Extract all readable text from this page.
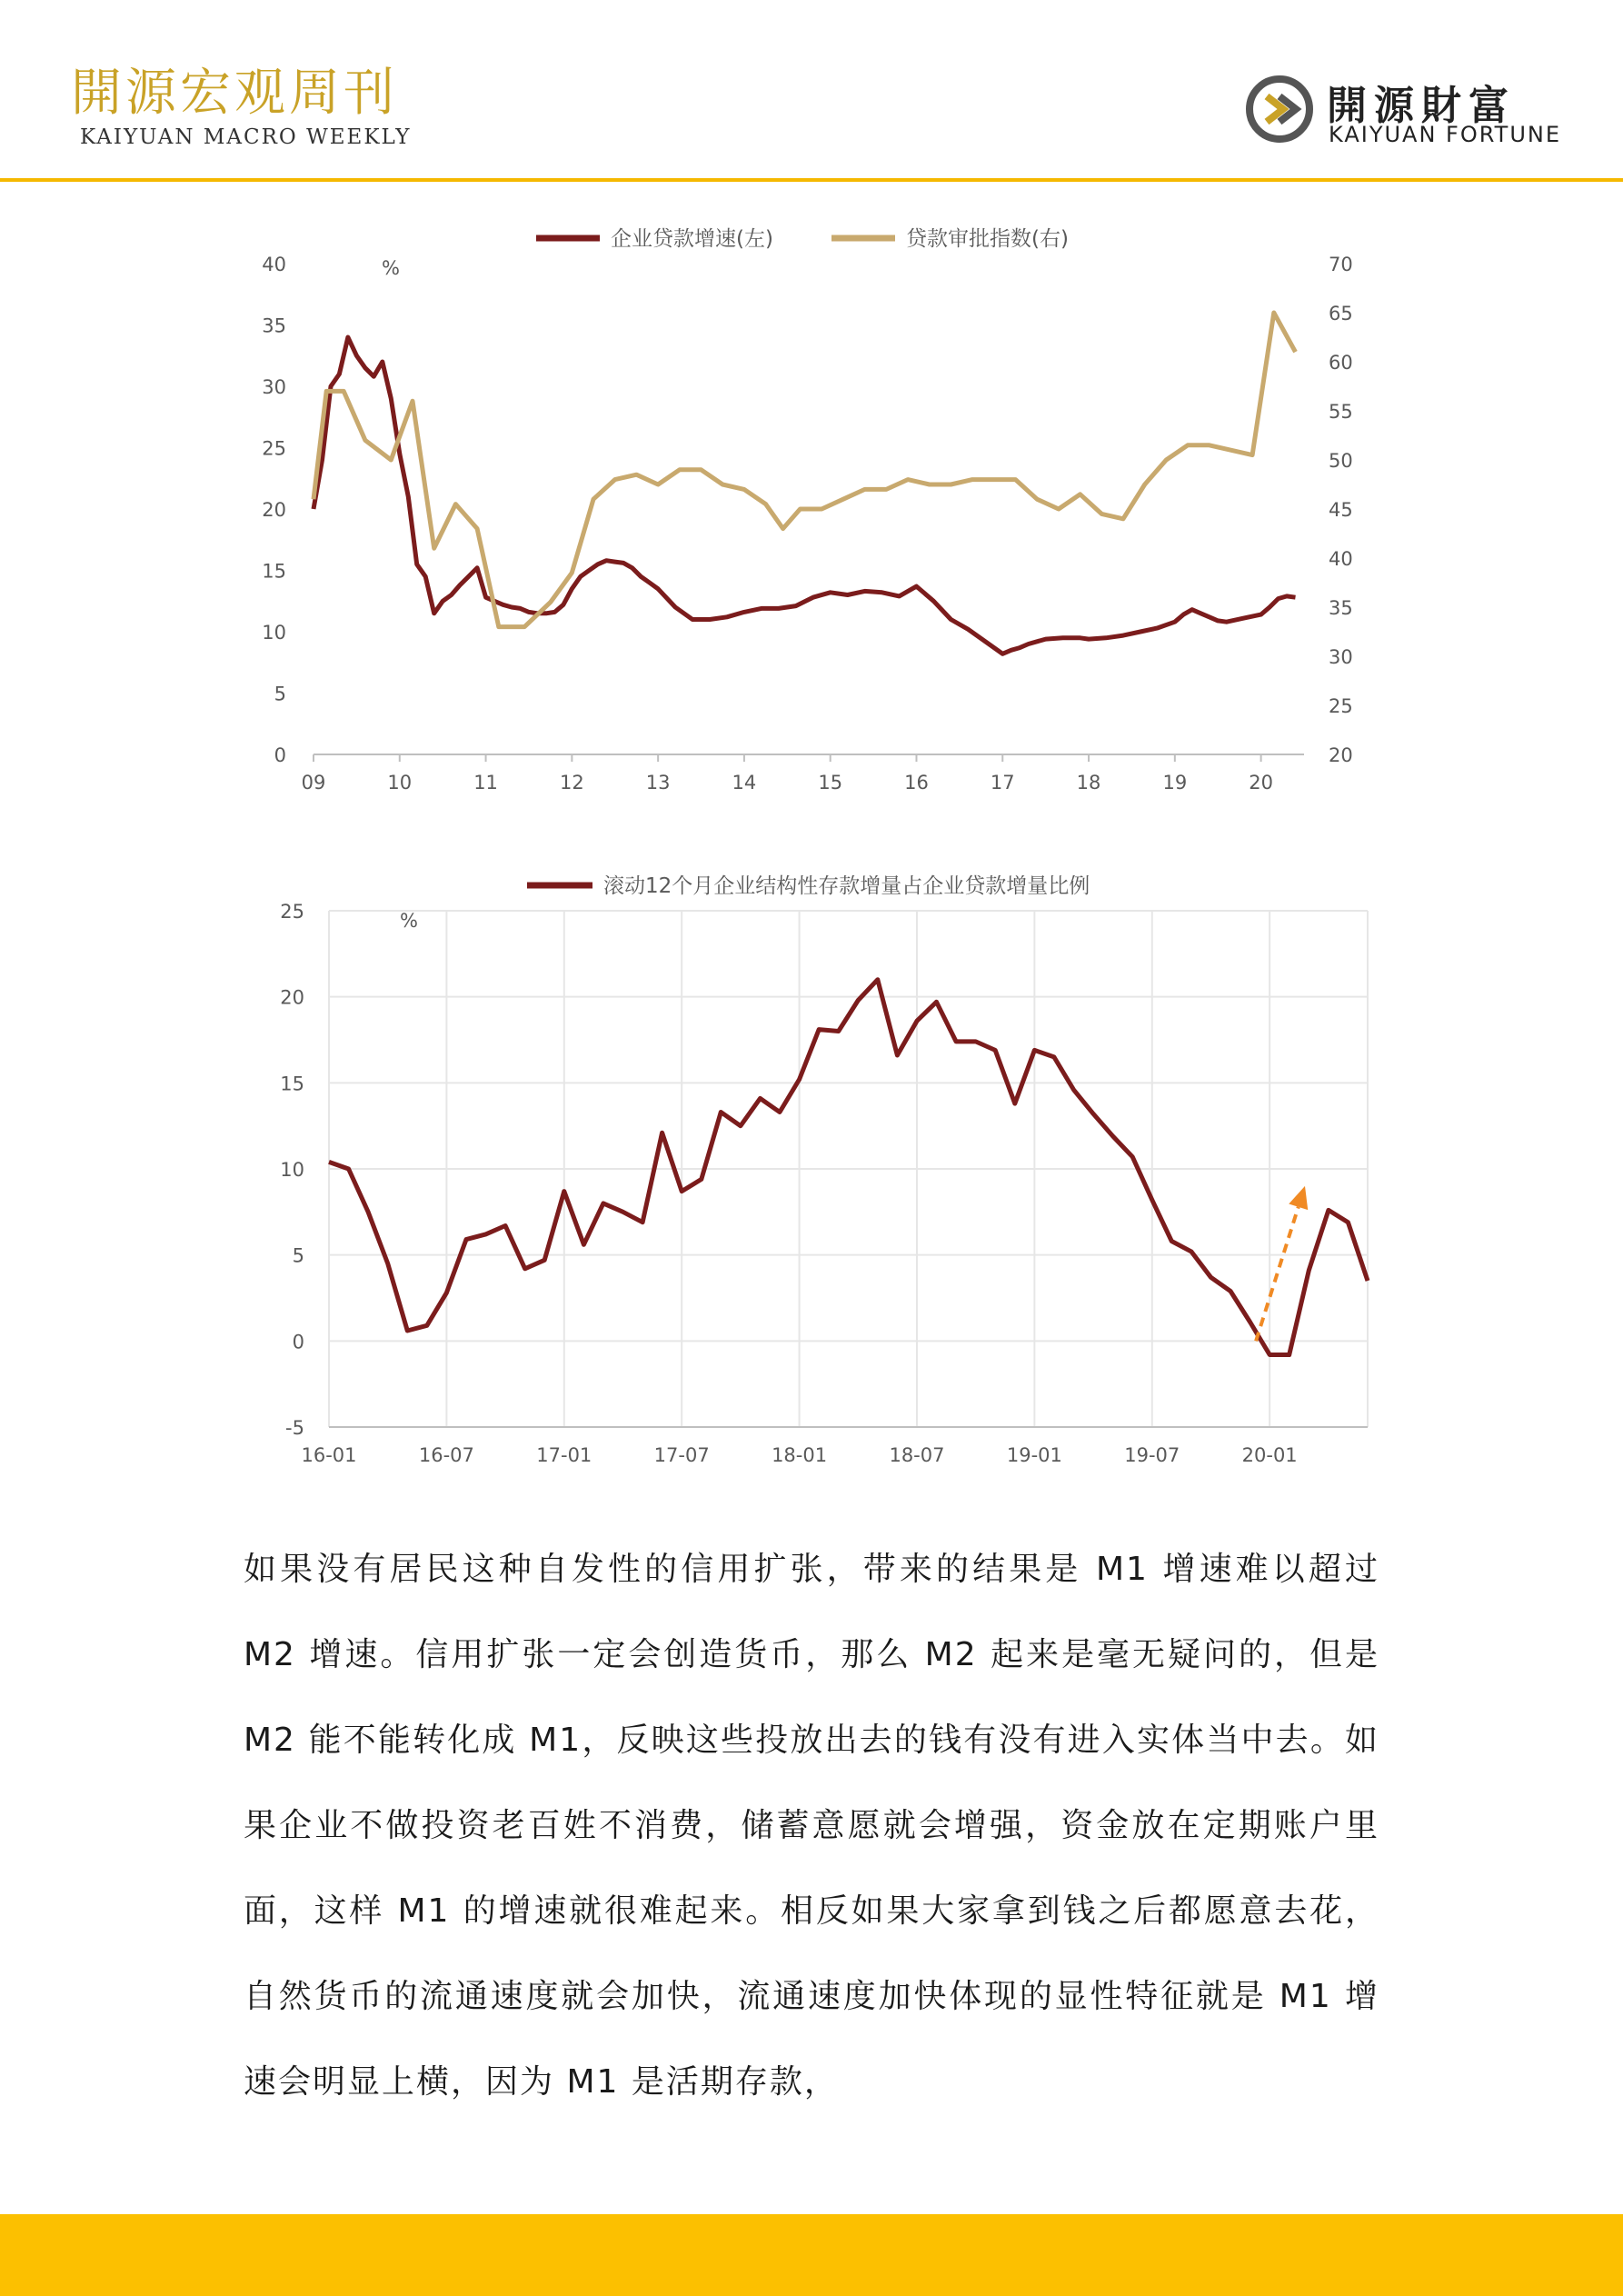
開源宏观周刊
KAIYUAN MACRO WEEKLY
開源財富
KAIYUAN FORTUNE
0
5
10
15
20
25
30
35
40
20
25
30
35
40
45
50
55
60
65
70
09	10	11	12	13	14	15	16	17	18	19	20
%
企业贷款增速(左)	贷款审批指数(右)
-5
0
5
10
15
20
25
16-01	16-07	17-01	17-07	18-01	18-07	19-01	19-07	20-01
%
滚动12个月企业结构性存款增量占企业贷款增量比例

如果没有居民这种自发性的信用扩张，带来的结果是 M1 增速难以超过 M2 增速。信用扩张一定会创造货币，那么 M2 起来是毫无疑问的，但是 M2 能不能转化成 M1，反映这些投放出去的钱有没有进入实体当中去。如果企业不做投资老百姓不消费，储蓄意愿就会增强，资金放在定期账户里面，这样 M1 的增速就很难起来。相反如果大家拿到钱之后都愿意去花，自然货币的流通速度就会加快，流通速度加快体现的显性特征就是 M1 增速会明显上横，因为 M1 是活期存款，
